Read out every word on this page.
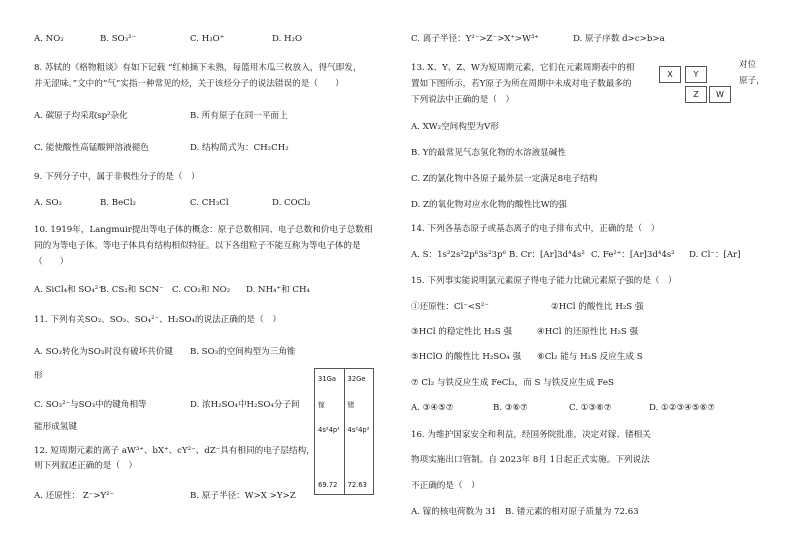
A. NO₂	B. SO₃²⁻	C. H₃O⁺	D. H₂O
8. 苏轼的《格物粗谈》有如下记载 “红柿摘下未熟，每篮用木瓜三枚放入，得气即发，
并无涩味。”文中的“气”实指一种常见的烃，关于该烃分子的说法错误的是（　　）
A. 碳原子均采取sp²杂化	B. 所有原子在同一平面上
C. 能使酸性高锰酸钾溶液褪色	D. 结构简式为：CH₂CH₂
9. 下列分子中，属于非极性分子的是（　）
A. SO₂	B. BeCl₂	C. CH₃Cl	D. COCl₂
10. 1919年，Langmuir提出等电子体的概念：原子总数相同、电子总数和价电子总数相
同的为等电子体。等电子体具有结构相似特征。以下各组粒子不能互称为等电子体的是
（　　）
A. SiCl₄和 SO₄²⁻
B. CS₂和 SCN⁻ C. CO₂和 NO₂ D. NH₄⁺和 CH₄
11. 下列有关SO₂、SO₃、SO₄²⁻、H₂SO₄的说法正确的是（　）
A. SO₂转化为SO₃时没有破坏共价键 B. SO₃的空间构型为三角锥
形
C. SO₃²⁻与SO₃中的键角相等	D. 浓H₂SO₄中H₂SO₄分子间
能形成氢键
12. 短周期元素的离子 aW³⁺、bX⁺、cY²⁻、dZ⁻具有相同的电子层结构，
则下列叙述正确的是（　）
A. 还原性： Z⁻>Y²⁻	B. 原子半径：W>X >Y>Z
X	Y
Z	W
C. 离子半径：Y²⁻>Z⁻>X⁺>W³⁺	D. 原子序数 d>c>b>a
13. X、Y、Z、W为短周期元素，它们在元素周期表中的相	对位
置如下图所示，若Y原子为所在周期中未成对电子数最多的	原子，
下列说法中正确的是（　）
A. XW₂空间构型为V形
B. Y的最常见气态氢化物的水溶液显碱性
C. Z的氯化物中各原子最外层一定满足8电子结构
D. Z的氧化物对应水化物的酸性比W的强
14. 下列各基态原子或基态离子的电子排布式中，正确的是（　）
A. S：1s²2s²2p⁶3s²3p⁶ B. Cr：[Ar]3d⁴4s² C. Fe²⁺：[Ar]3d⁴4s² D. Cl⁻：[Ar]
15. 下列事实能说明氯元素原子得电子能力比硫元素原子强的是（　）
①还原性：Cl⁻<S²⁻	②HCl 的酸性比 H₂S 强
③HCl 的稳定性比 H₂S 强	④HCl 的还原性比 H₂S 强
⑤HClO 的酸性比 H₂SO₄ 强 ⑥Cl₂ 能与 H₂S 反应生成 S
⑦ Cl₂ 与铁反应生成 FeCl₃，而 S 与铁反应生成 FeS
A. ③④⑤⑦	B. ③⑥⑦	C. ①③⑥⑦	D. ①②③④⑤⑥⑦
16. 为维护国家安全和利益，经国务院批准，决定对镓、锗相关
物项实施出口管制。自 2023年 8月 1日起正式实施。下列说法
不正确的是（　）
A. 镓的核电荷数为 31 B. 锗元素的相对原子质量为 72.63
31Ga
镓
4s²4p¹
69.72
32Ge
锗
4s²4p²
72.63
